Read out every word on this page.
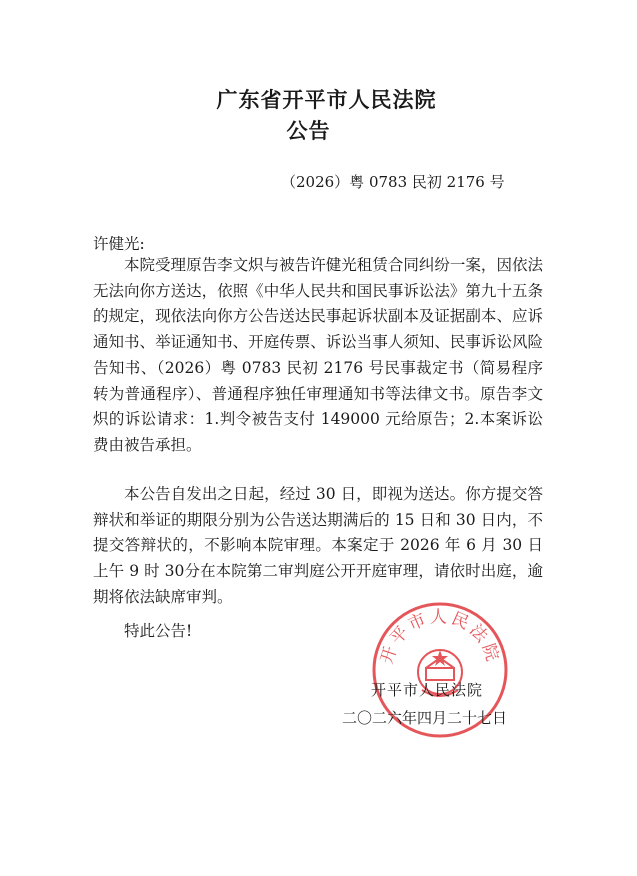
广东省开平市人民法院
公告
（2026）粤 0783 民初 2176 号
许健光:
本院受理原告李文炽与被告许健光租赁合同纠纷一案，因依法无法向你方送达，依照《中华人民共和国民事诉讼法》第九十五条的规定，现依法向你方公告送达民事起诉状副本及证据副本、应诉通知书、举证通知书、开庭传票、诉讼当事人须知、民事诉讼风险告知书、（2026）粤 0783 民初 2176 号民事裁定书（简易程序转为普通程序）、普通程序独任审理通知书等法律文书。原告李文炽的诉讼请求：1.判令被告支付 149000 元给原告；2.本案诉讼费由被告承担。
本公告自发出之日起，经过 30 日，即视为送达。你方提交答辩状和举证的期限分别为公告送达期满后的 15 日和 30 日内，不提交答辩状的，不影响本院审理。本案定于 2026 年 6 月 30 日上午 9 时 30分在本院第二审判庭公开开庭审理，请依时出庭，逾期将依法缺席审判。
特此公告!
开平市人民法院
开平市人民法院
二〇二六年四月二十七日
